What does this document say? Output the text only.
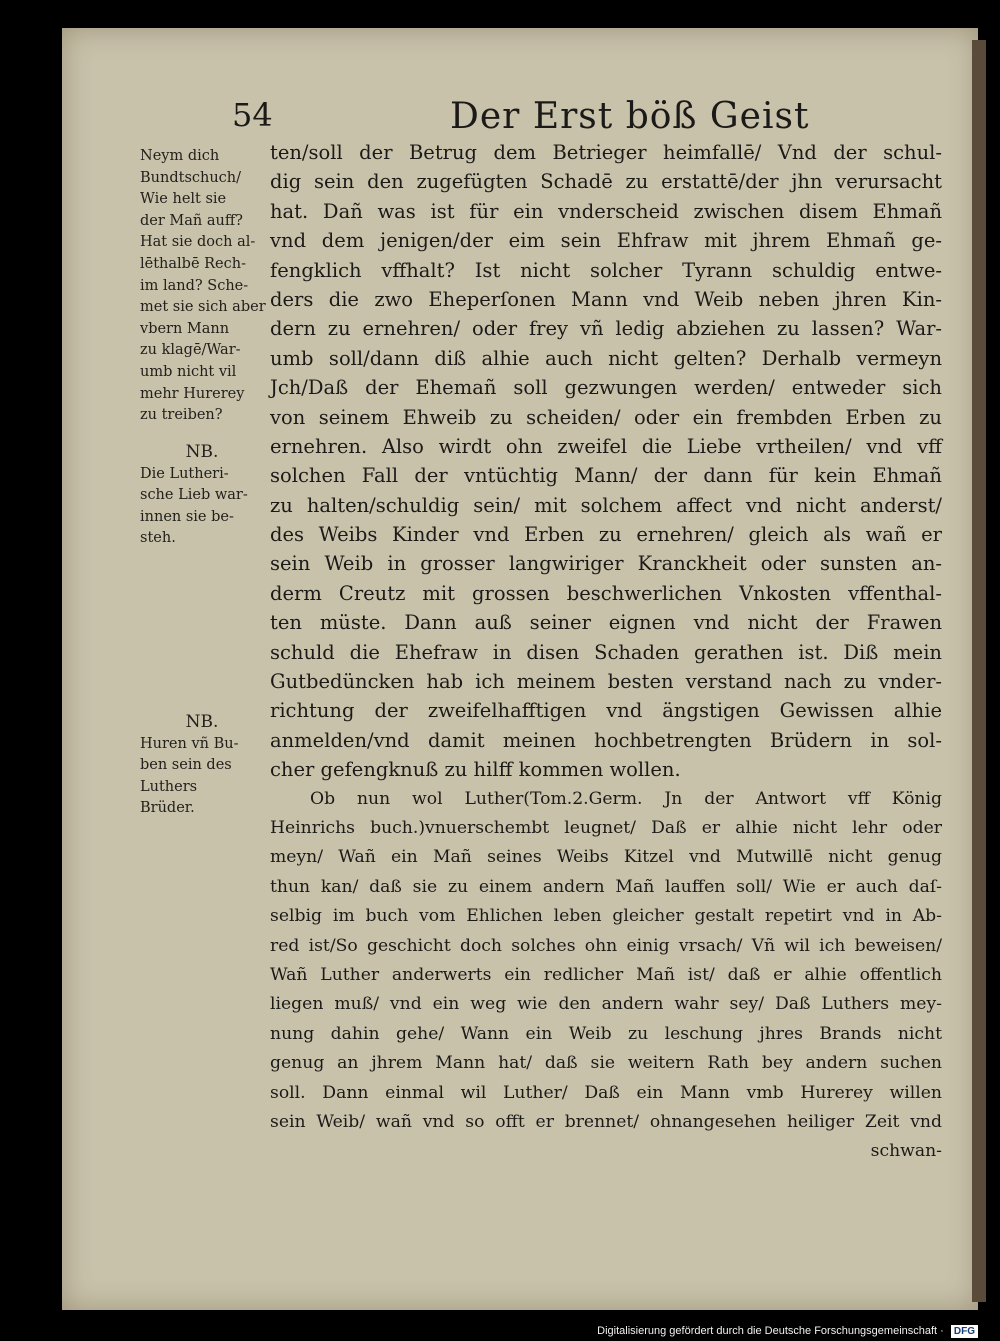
54	Der Erst böß Geist
Neym dich
Bundtschuch/
Wie helt sie
der Mañ auff?
Hat sie doch al-
lēthalbē Rech-
im land? Sche-
met sie sich aber
vbern Mann
zu klagē/War-
umb nicht vil
mehr Hurerey
zu treiben?
NB.
Die Lutheri-
sche Lieb war-
innen sie be-
steh.
NB.
Huren vñ Bu-
ben sein des
Luthers
Brüder.
ten/soll der Betrug dem Betrieger heimfallē/ Vnd der schul-
dig sein den zugefügten Schadē zu erstattē/der jhn verursacht
hat. Dañ was ist für ein vnderscheid zwischen disem Ehmañ
vnd dem jenigen/der eim sein Ehfraw mit jhrem Ehmañ ge-
fengklich vffhalt? Ist nicht solcher Tyrann schuldig entwe-
ders die zwo Eheperſonen Mann vnd Weib neben jhren Kin-
dern zu ernehren/ oder frey vñ ledig abziehen zu lassen? War-
umb soll/dann diß alhie auch nicht gelten? Derhalb vermeyn
Jch/Daß der Ehemañ soll gezwungen werden/ entweder sich
von seinem Ehweib zu scheiden/ oder ein frembden Erben zu
ernehren. Also wirdt ohn zweifel die Liebe vrtheilen/ vnd vff
solchen Fall der vntüchtig Mann/ der dann für kein Ehmañ
zu halten/schuldig sein/ mit solchem affect vnd nicht anderst/
des Weibs Kinder vnd Erben zu ernehren/ gleich als wañ er
sein Weib in grosser langwiriger Kranckheit oder sunsten an-
derm Creutz mit grossen beschwerlichen Vnkosten vffenthal-
ten müste. Dann auß seiner eignen vnd nicht der Frawen
schuld die Ehefraw in disen Schaden gerathen ist. Diß mein
Gutbedüncken hab ich meinem besten verstand nach zu vnder-
richtung der zweifelhafftigen vnd ängstigen Gewissen alhie
anmelden/vnd damit meinen hochbetrengten Brüdern in sol-
cher gefengknuß zu hilff kommen wollen.
Ob nun wol Luther(Tom.2.Germ. Jn der Antwort vff König
Heinrichs buch.)vnuerschembt leugnet/ Daß er alhie nicht lehr oder
meyn/ Wañ ein Mañ seines Weibs Kitzel vnd Mutwillē nicht genug
thun kan/ daß sie zu einem andern Mañ lauffen soll/ Wie er auch daſ-
selbig im buch vom Ehlichen leben gleicher gestalt repetirt vnd in Ab-
red ist/So geschicht doch solches ohn einig vrsach/ Vñ wil ich beweisen/
Wañ Luther anderwerts ein redlicher Mañ ist/ daß er alhie offentlich
liegen muß/ vnd ein weg wie den andern wahr sey/ Daß Luthers mey-
nung dahin gehe/ Wann ein Weib zu leschung jhres Brands nicht
genug an jhrem Mann hat/ daß sie weitern Rath bey andern suchen
soll. Dann einmal wil Luther/ Daß ein Mann vmb Hurerey willen
sein Weib/ wañ vnd so offt er brennet/ ohnangesehen heiliger Zeit vnd
schwan-
Digitalisierung gefördert durch die Deutsche Forschungsgemeinschaft · DFG
